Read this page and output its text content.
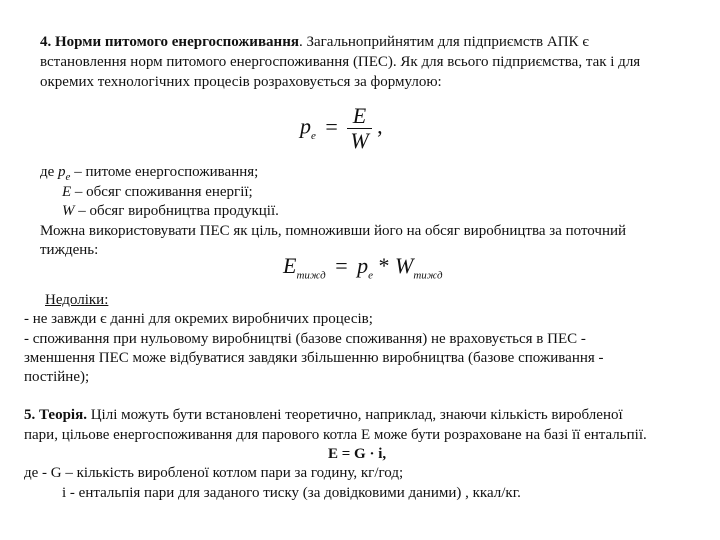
4. Норми питомого енергоспоживання. Загальноприйнятим для підприємств АПК є
встановлення норм питомого енергоспоживання (ПЕС). Як для всього підприємства, так і для
окремих технологічних процесів розраховується за формулою:
$p_e = \frac{E}{W}$ ,
де $p_e$ – питоме енергоспоживання;
E – обсяг споживання енергії;
W – обсяг виробництва продукції.
Можна використовувати ПЕС як ціль, помноживши його на обсяг виробництва за поточний
тиждень:
$E_{тижд} = p_e * W_{тижд}$
Недоліки:
- не завжди є данні для окремих виробничих процесів;
- споживання при нульовому виробництві (базове споживання) не враховується в ПЕС -
зменшення ПЕС може відбуватися завдяки збільшенню виробництва (базове споживання -
постійне);
5. Теорія. Цілі можуть бути встановлені теоретично, наприклад, знаючи кількість виробленої
пари, цільове енергоспоживання для парового котла Е може бути розраховане на базі її ентальпії.
E = G · i,
де - G – кількість виробленої котлом пари за годину, кг/год;
i - ентальпія пари для заданого тиску (за довідковими даними) , ккал/кг.
